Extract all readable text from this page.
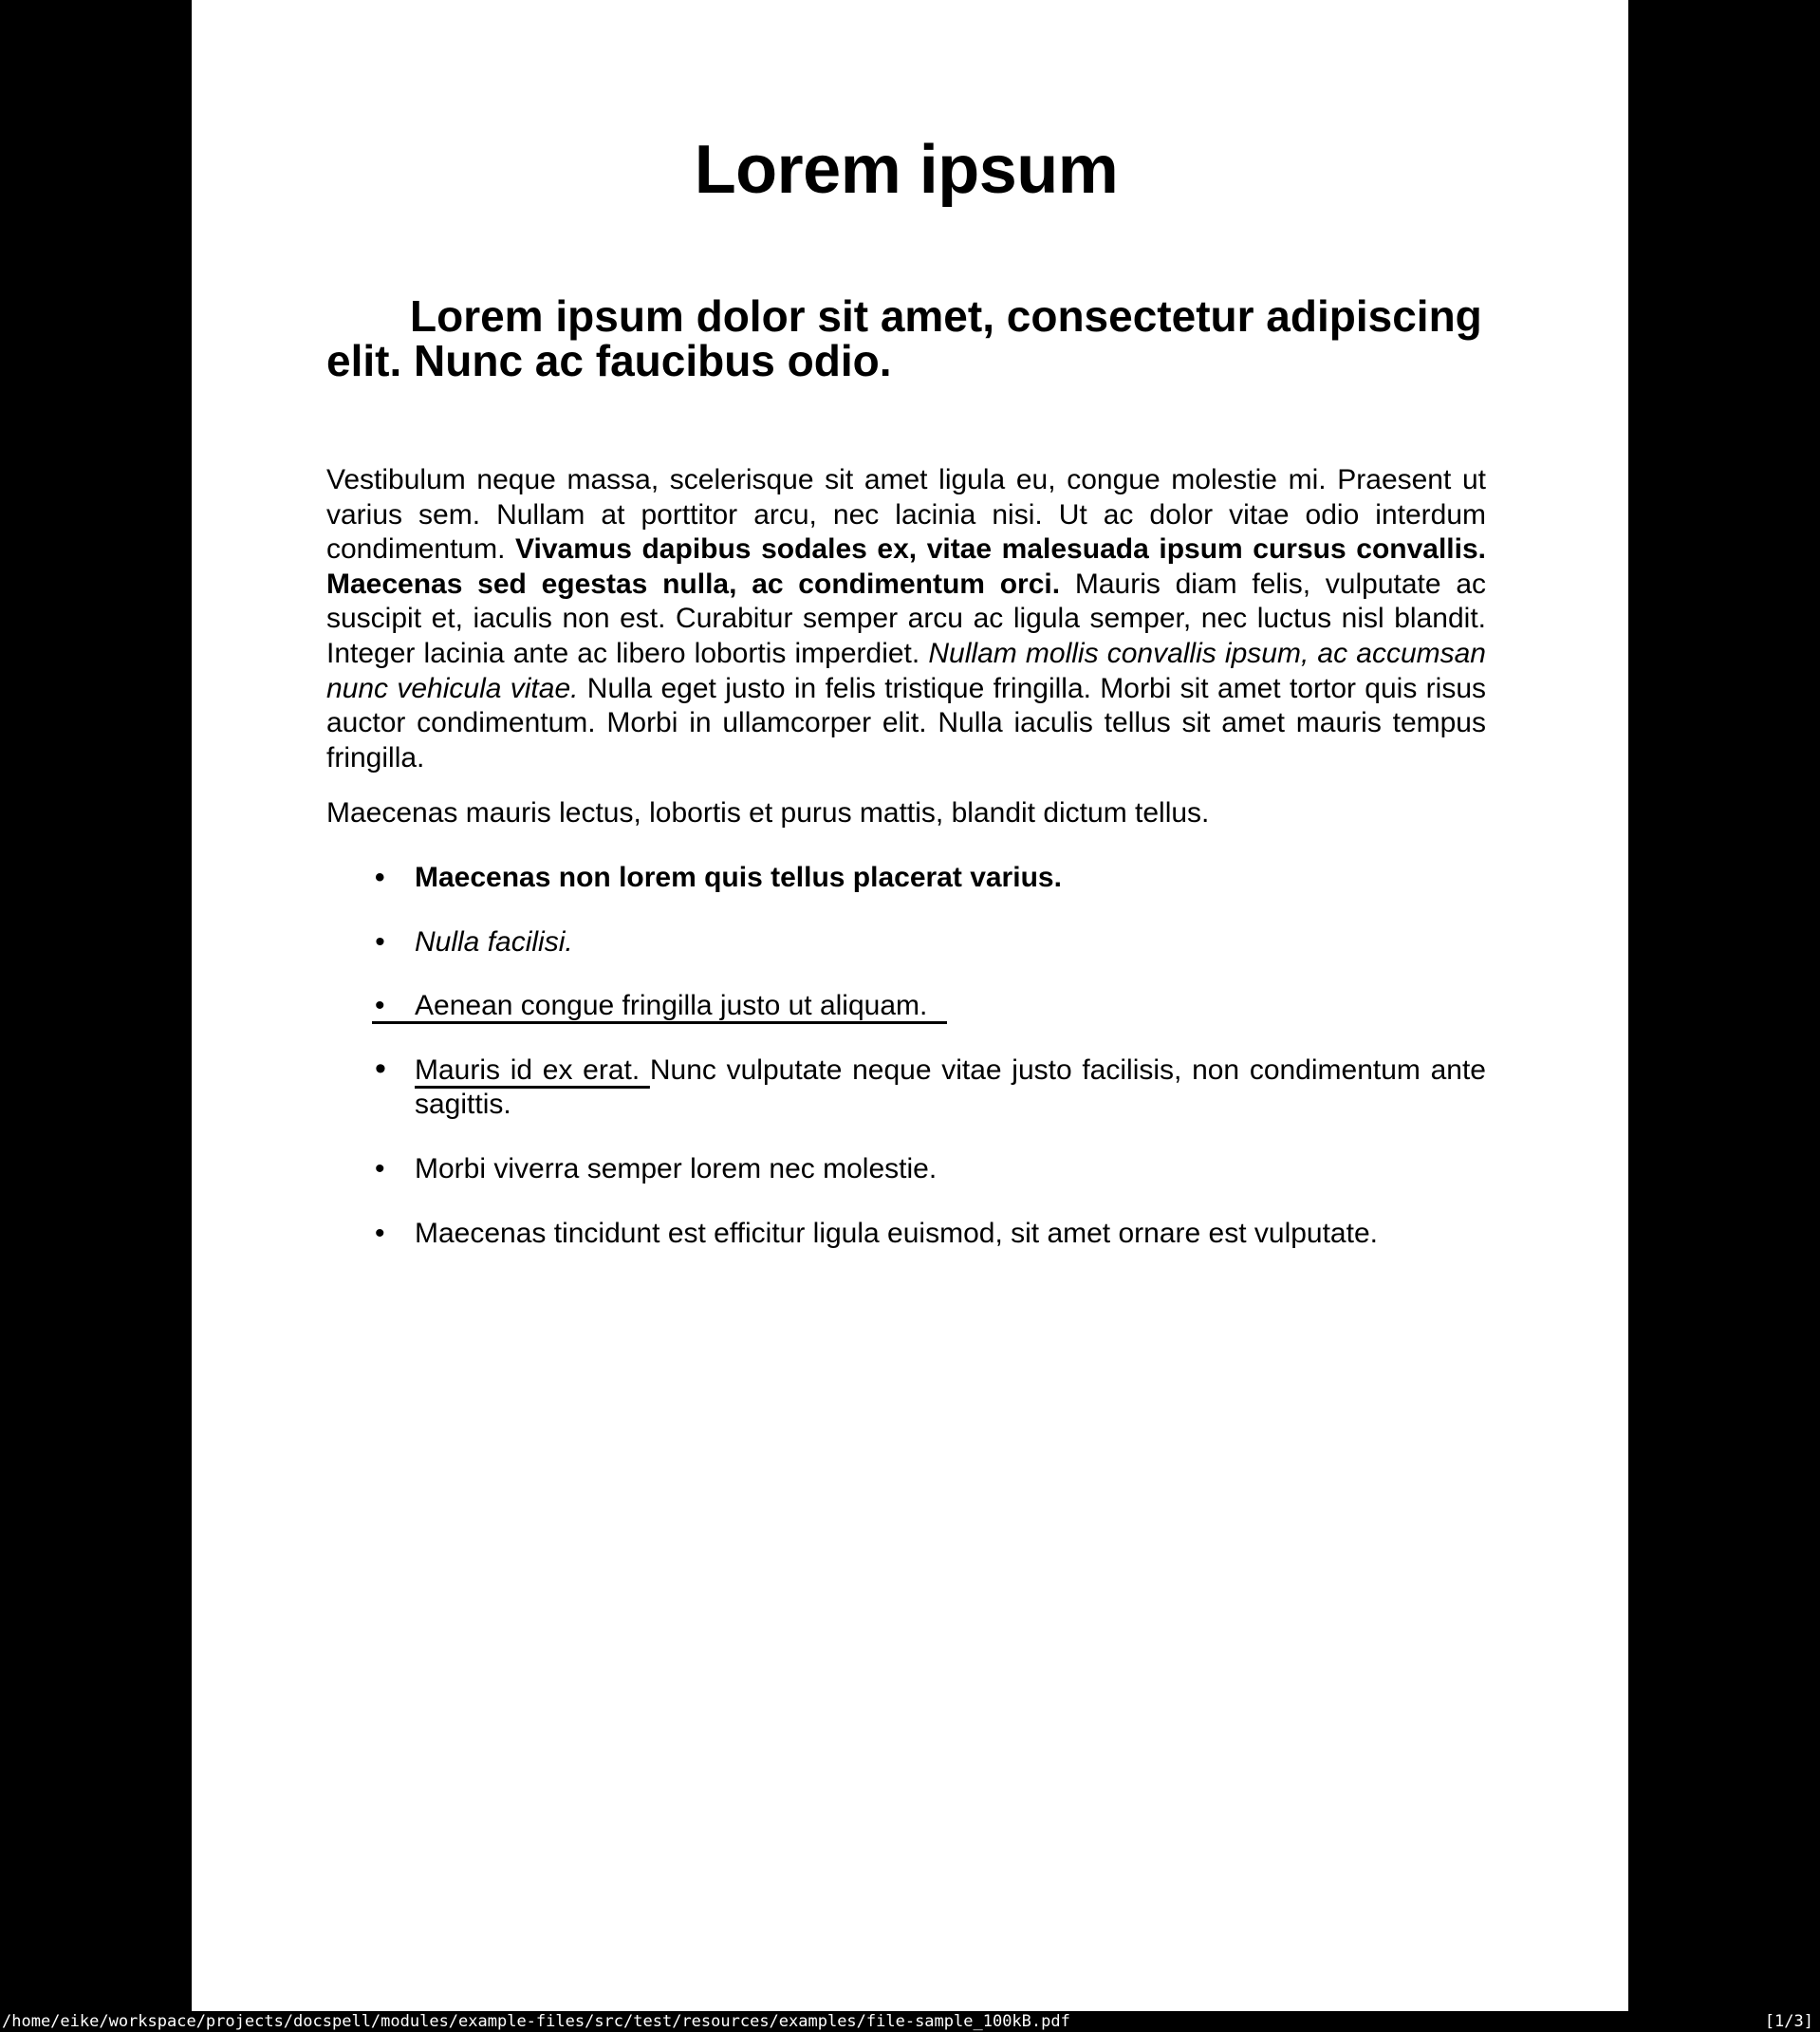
Lorem ipsum
Lorem ipsum dolor sit amet, consectetur adipiscing elit. Nunc ac faucibus odio.

Vestibulum neque massa, scelerisque sit amet ligula eu, congue molestie mi. Praesent ut varius sem. Nullam at porttitor arcu, nec lacinia nisi. Ut ac dolor vitae odio interdum condimentum. Vivamus dapibus sodales ex, vitae malesuada ipsum cursus convallis. Maecenas sed egestas nulla, ac condimentum orci. Mauris diam felis, vulputate ac suscipit et, iaculis non est. Curabitur semper arcu ac ligula semper, nec luctus nisl blandit. Integer lacinia ante ac libero lobortis imperdiet. Nullam mollis convallis ipsum, ac accumsan nunc vehicula vitae. Nulla eget justo in felis tristique fringilla. Morbi sit amet tortor quis risus auctor condimentum. Morbi in ullamcorper elit. Nulla iaculis tellus sit amet mauris tempus fringilla.

Maecenas mauris lectus, lobortis et purus mattis, blandit dictum tellus.

• Maecenas non lorem quis tellus placerat varius.
• Nulla facilisi.
• Aenean congue fringilla justo ut aliquam.
• Mauris id ex erat. Nunc vulputate neque vitae justo facilisis, non condimentum ante sagittis.
• Morbi viverra semper lorem nec molestie.
• Maecenas tincidunt est efficitur ligula euismod, sit amet ornare est vulputate.
/home/eike/workspace/projects/docspell/modules/example-files/src/test/resources/examples/file-sample_100kB.pdf	[1/3]
